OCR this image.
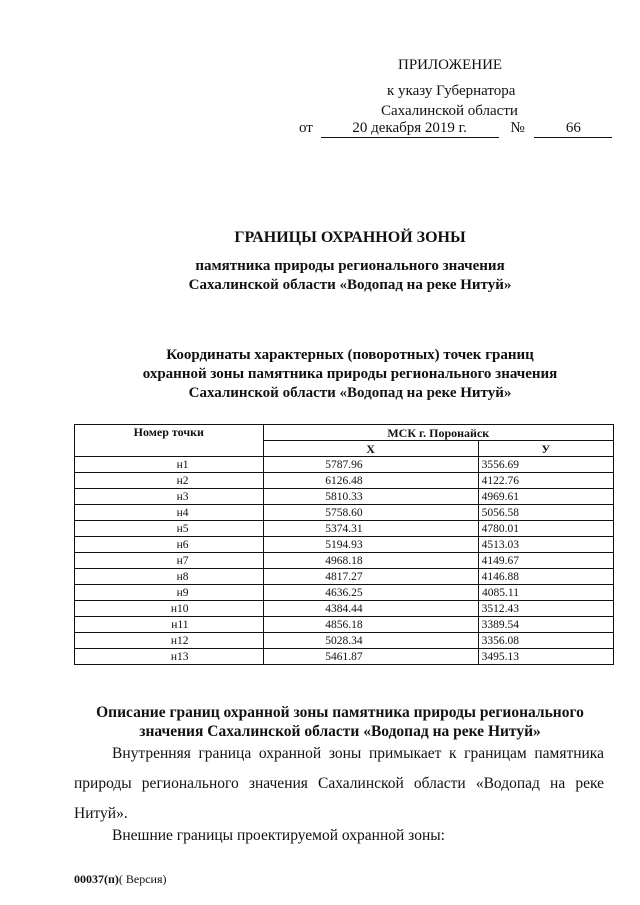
ПРИЛОЖЕНИЕ
к указу Губернатора
Сахалинской области
от	20 декабря 2019 г.	№	66
ГРАНИЦЫ ОХРАННОЙ ЗОНЫ
памятника природы регионального значения
Сахалинской области «Водопад на реке Нитуй»
Координаты характерных (поворотных) точек границ
охранной зоны памятника природы регионального значения
Сахалинской области «Водопад на реке Нитуй»
Номер точки	МСК г. Поронайск	
	Х	У
н1	5787.96	3556.69
н2	6126.48	4122.76
н3	5810.33	4969.61
н4	5758.60	5056.58
н5	5374.31	4780.01
н6	5194.93	4513.03
н7	4968.18	4149.67
н8	4817.27	4146.88
н9	4636.25	4085.11
н10	4384.44	3512.43
н11	4856.18	3389.54
н12	5028.34	3356.08
н13	5461.87	3495.13
Описание границ охранной зоны памятника природы регионального
значения Сахалинской области «Водопад на реке Нитуй»
Внутренняя граница охранной зоны примыкает к границам памятника природы регионального значения Сахалинской области «Водопад на реке Нитуй».
Внешние границы проектируемой охранной зоны:
00037(п)( Версия)
